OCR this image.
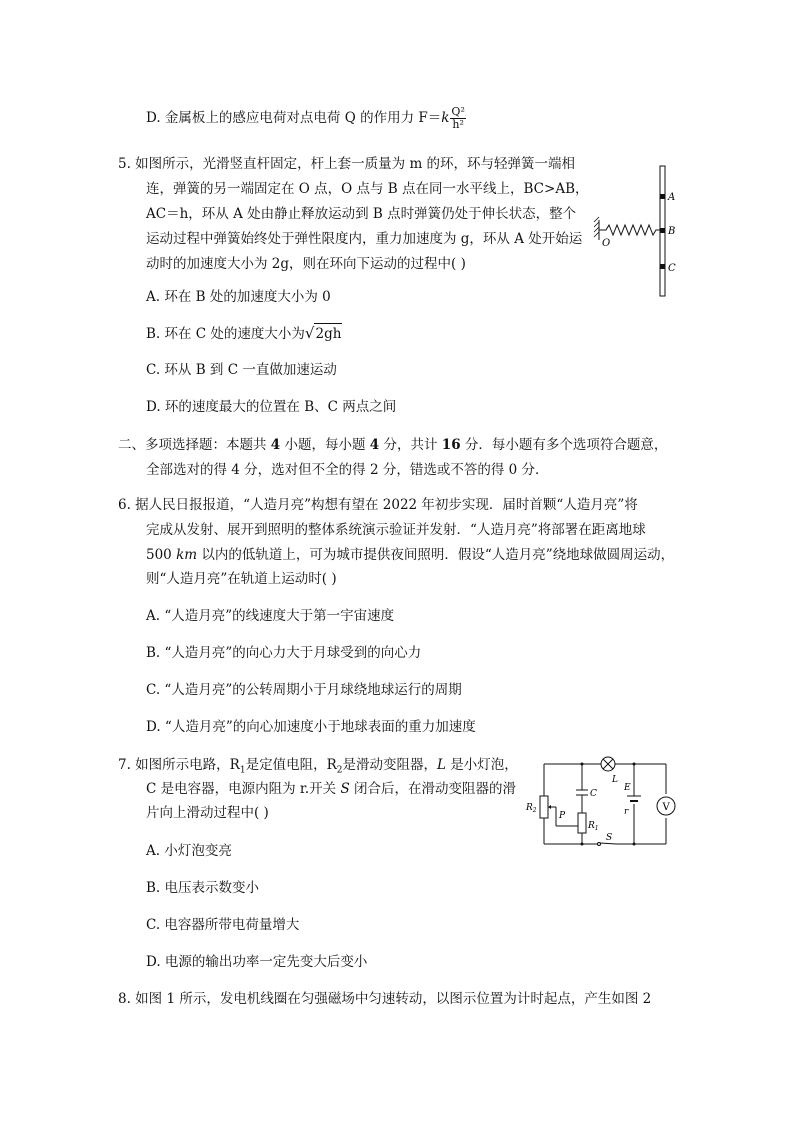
D. 金属板上的感应电荷对点电荷 Q 的作用力 $F=k \frac{\text{Q²}}{\text{h²}}$
5. 如图所示，光滑竖直杆固定，杆上套一质量为 m 的环，环与轻弹簧一端相
连，弹簧的另一端固定在 O 点，O 点与 B 点在同一水平线上，BC>AB，
AC＝h，环从 A 处由静止释放运动到 B 点时弹簧仍处于伸长状态，整个
运动过程中弹簧始终处于弹性限度内，重力加速度为 g，环从 A 处开始运
动时的加速度大小为 2g，则在环向下运动的过程中( )
A
B
C
O
A. 环在 B 处的加速度大小为 0
B. 环在 C 处的速度大小为√2gh
C. 环从 B 到 C 一直做加速运动
D. 环的速度最大的位置在 B、C 两点之间
二、多项选择题：本题共 4 小题，每小题 4 分，共计 16 分．每小题有多个选项符合题意，
全部选对的得 4 分，选对但不全的得 2 分，错选或不答的得 0 分．
6. 据人民日报报道，“人造月亮”构想有望在 2022 年初步实现．届时首颗“人造月亮”将
完成从发射、展开到照明的整体系统演示验证并发射．“人造月亮”将部署在距离地球
500 km 以内的低轨道上，可为城市提供夜间照明．假设“人造月亮”绕地球做圆周运动，
则“人造月亮”在轨道上运动时( )
A. “人造月亮”的线速度大于第一宇宙速度
B. “人造月亮”的向心力大于月球受到的向心力
C. “人造月亮”的公转周期小于月球绕地球运行的周期
D. “人造月亮”的向心加速度小于地球表面的重力加速度
7. 如图所示电路，$R_1$是定值电阻，$R_2$是滑动变阻器，L 是小灯泡，
C 是电容器，电源内阻为 r.开关 S 闭合后，在滑动变阻器的滑
片向上滑动过程中( )	$R_2$
P
C
$R_1$
L
E
r	V
S
A. 小灯泡变亮
B. 电压表示数变小
C. 电容器所带电荷量增大
D. 电源的输出功率一定先变大后变小
8. 如图 1 所示，发电机线圈在匀强磁场中匀速转动，以图示位置为计时起点，产生如图 2
